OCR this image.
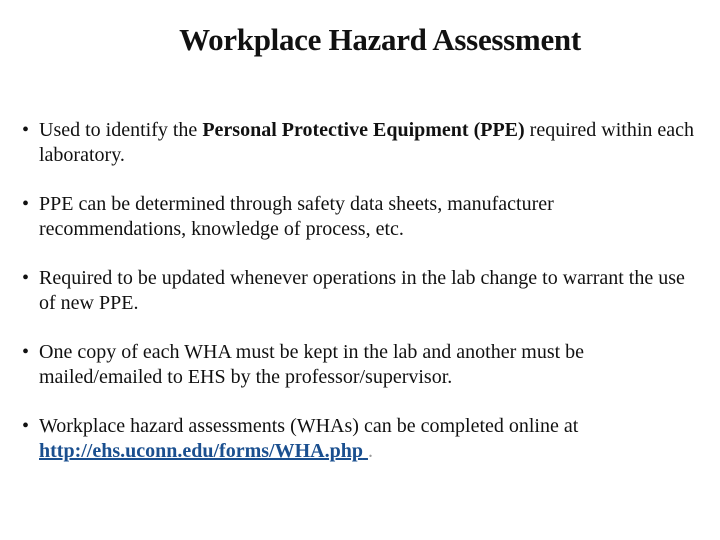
Workplace Hazard Assessment
• Used to identify the Personal Protective Equipment (PPE) required within each laboratory.
• PPE can be determined through safety data sheets, manufacturer recommendations, knowledge of process, etc.
• Required to be updated whenever operations in the lab change to warrant the use of new PPE.
• One copy of each WHA must be kept in the lab and another must be mailed/emailed to EHS by the professor/supervisor.
• Workplace hazard assessments (WHAs) can be completed online at http://ehs.uconn.edu/forms/WHA.php .
